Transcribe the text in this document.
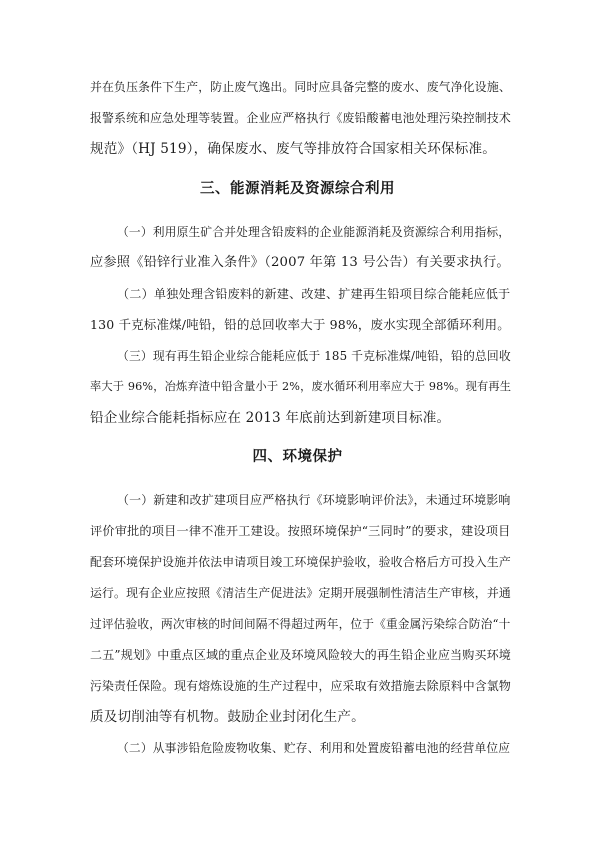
并在负压条件下生产，防止废气逸出。同时应具备完整的废水、废气净化设施、
报警系统和应急处理等装置。企业应严格执行《废铅酸蓄电池处理污染控制技术
规范》（HJ 519），确保废水、废气等排放符合国家相关环保标准。
三、能源消耗及资源综合利用
（一）利用原生矿合并处理含铅废料的企业能源消耗及资源综合利用指标，
应参照《铅锌行业准入条件》（2007 年第 13 号公告）有关要求执行。
（二）单独处理含铅废料的新建、改建、扩建再生铅项目综合能耗应低于
130 千克标准煤/吨铅，铅的总回收率大于 98%，废水实现全部循环利用。
（三）现有再生铅企业综合能耗应低于 185 千克标准煤/吨铅，铅的总回收
率大于 96%，冶炼弃渣中铅含量小于 2%，废水循环利用率应大于 98%。现有再生
铅企业综合能耗指标应在 2013 年底前达到新建项目标准。
四、环境保护
（一）新建和改扩建项目应严格执行《环境影响评价法》，未通过环境影响
评价审批的项目一律不准开工建设。按照环境保护“三同时”的要求，建设项目
配套环境保护设施并依法申请项目竣工环境保护验收，验收合格后方可投入生产
运行。现有企业应按照《清洁生产促进法》定期开展强制性清洁生产审核，并通
过评估验收，两次审核的时间间隔不得超过两年，位于《重金属污染综合防治“十
二五”规划》中重点区域的重点企业及环境风险较大的再生铅企业应当购买环境
污染责任保险。现有熔炼设施的生产过程中，应采取有效措施去除原料中含氯物
质及切削油等有机物。鼓励企业封闭化生产。
（二）从事涉铅危险废物收集、贮存、利用和处置废铅蓄电池的经营单位应
